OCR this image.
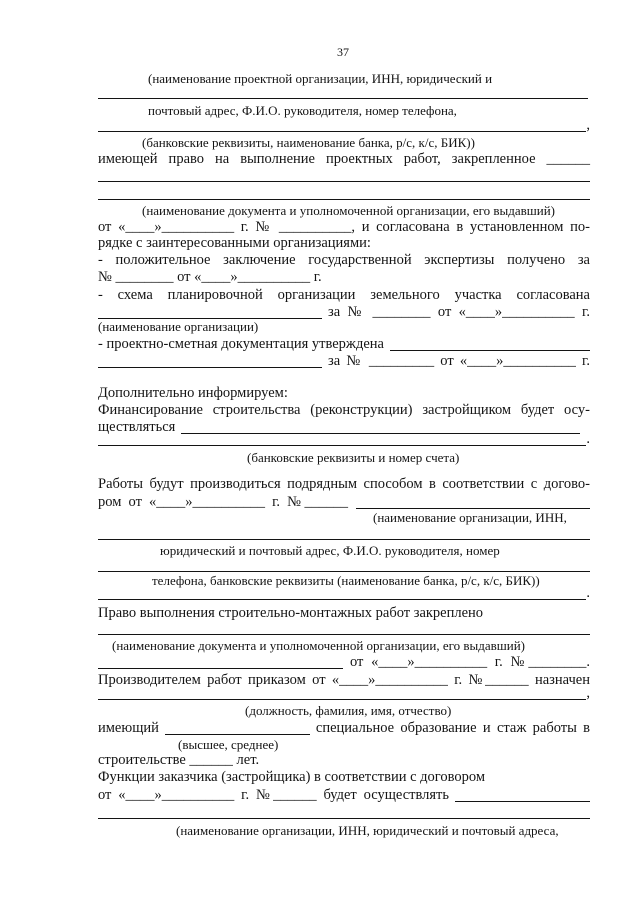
37
(наименование проектной организации, ИНН, юридический и
почтовый адрес, Ф.И.О. руководителя, номер телефона,
,
(банковские реквизиты, наименование банка, р/с, к/с, БИК))
имеющей право на выполнение проектных работ, закрепленное ______
(наименование документа и уполномоченной организации, его выдавший)
от «____»__________ г. № __________, и согласована в установленном по-
рядке с заинтересованными организациями:
- положительное заключение государственной экспертизы получено за
№ ________ от «____»__________ г.
- схема планировочной организации земельного участка согласована
за № ________ от «____»__________ г.
(наименование организации)
- проектно-сметная документация утверждена
за № _________ от «____»__________ г.
Дополнительно информируем:
Финансирование строительства (реконструкции) застройщиком будет осу-
ществляться
.
(банковские реквизиты и номер счета)
Работы будут производиться подрядным способом в соответствии с догово-
ром от «____»__________ г. №______
(наименование организации, ИНН,
юридический и почтовый адрес, Ф.И.О. руководителя, номер
телефона, банковские реквизиты (наименование банка, р/с, к/с, БИК))
.
Право выполнения строительно-монтажных работ закреплено
(наименование документа и уполномоченной организации, его выдавший)
от «____»__________ г. №________.
Производителем работ приказом от «____»__________ г. №______ назначен
,
(должность, фамилия, имя, отчество)
имеющий	специальное образование и стаж работы в
(высшее, среднее)
строительстве ______ лет.
Функции заказчика (застройщика) в соответствии с договором
от «____»__________ г. №______ будет осуществлять
(наименование организации, ИНН, юридический и почтовый адреса,
